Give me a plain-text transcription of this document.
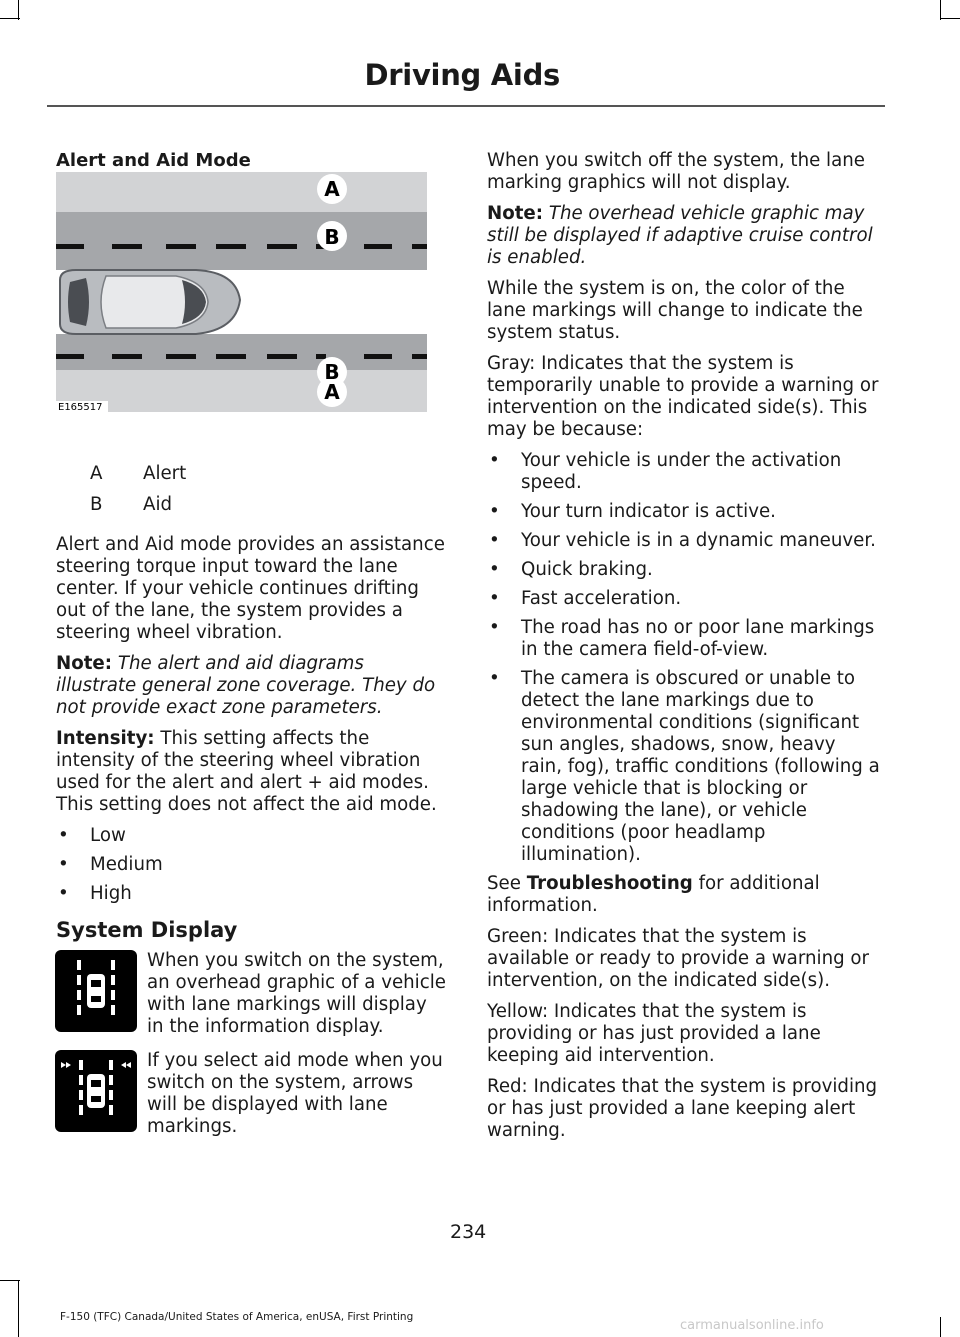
Driving Aids

Alert and Aid Mode

A
B
B
A
E165517
A	Alert
B	Aid

Alert and Aid mode provides an assistance steering torque input toward the lane center. If your vehicle continues drifting out of the lane, the system provides a steering wheel vibration.

Note: The alert and aid diagrams illustrate general zone coverage. They do not provide exact zone parameters.

Intensity: This setting affects the intensity of the steering wheel vibration used for the alert and alert + aid modes. This setting does not affect the aid mode.

• Low

• Medium

• High

System Display

When you switch on the system, an overhead graphic of a vehicle with lane markings will display in the information display.
If you select aid mode when you switch on the system, arrows will be displayed with lane markings.

When you switch off the system, the lane marking graphics will not display.

Note: The overhead vehicle graphic may still be displayed if adaptive cruise control is enabled.

While the system is on, the color of the lane markings will change to indicate the system status.

Gray: Indicates that the system is temporarily unable to provide a warning or intervention on the indicated side(s). This may be because:

• Your vehicle is under the activation speed.

• Your turn indicator is active.

• Your vehicle is in a dynamic maneuver.

• Quick braking.

• Fast acceleration.

• The road has no or poor lane markings in the camera field-of-view.

• The camera is obscured or unable to detect the lane markings due to environmental conditions (significant sun angles, shadows, snow, heavy rain, fog), traffic conditions (following a large vehicle that is blocking or shadowing the lane), or vehicle conditions (poor headlamp illumination).

See Troubleshooting for additional information.

Green: Indicates that the system is available or ready to provide a warning or intervention, on the indicated side(s).

Yellow: Indicates that the system is providing or has just provided a lane keeping aid intervention.

Red: Indicates that the system is providing or has just provided a lane keeping alert warning.

234
F-150 (TFC) Canada/United States of America, enUSA, First Printing
carmanualsonline.info
